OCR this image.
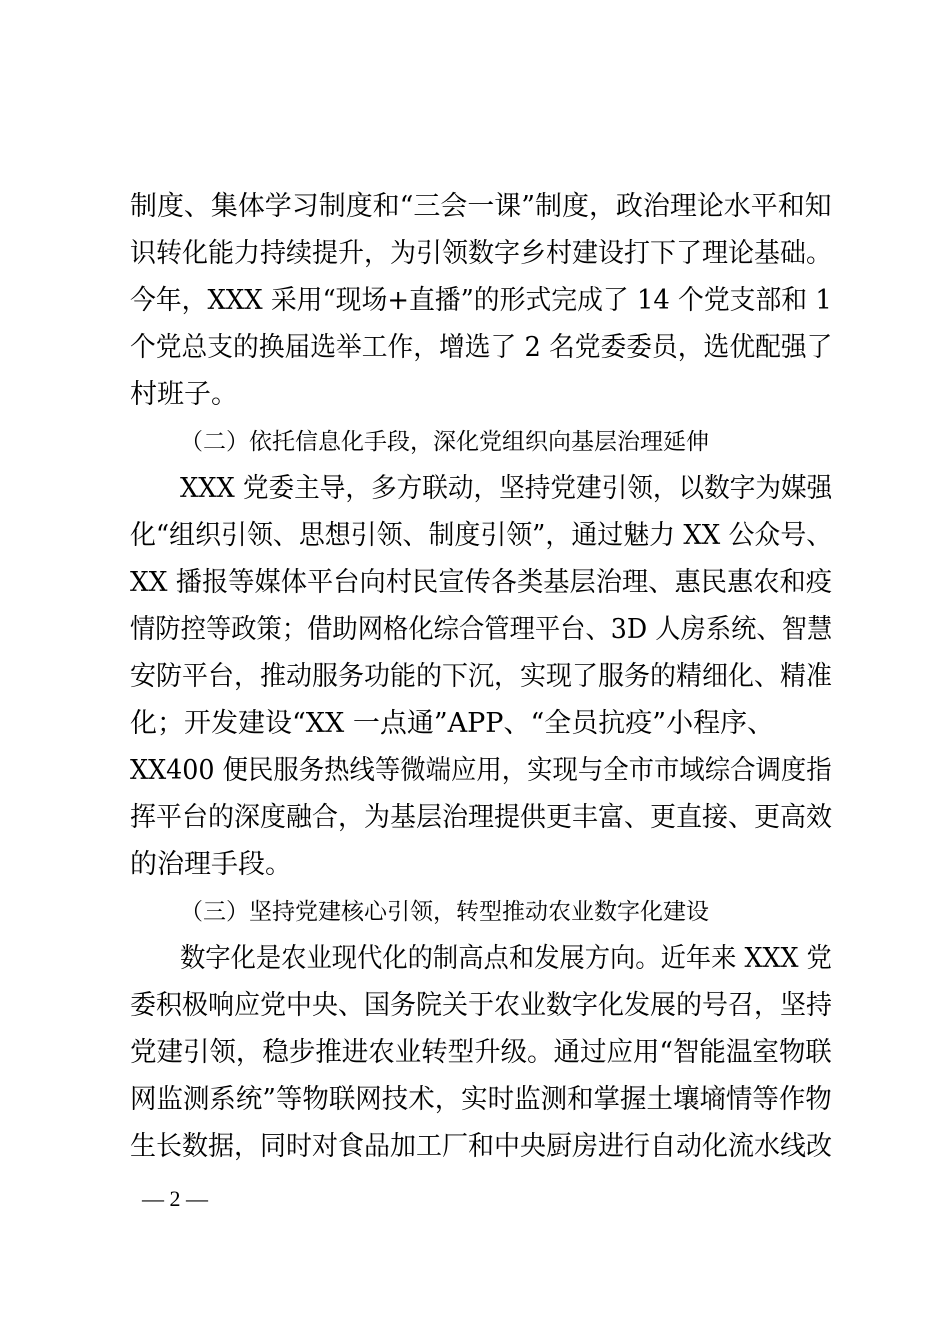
制度、集体学习制度和“三会一课”制度，政治理论水平和知
识转化能力持续提升，为引领数字乡村建设打下了理论基础。
今年，XXX 采用“现场+直播”的形式完成了 14 个党支部和 1
个党总支的换届选举工作，增选了 2 名党委委员，选优配强了
村班子。
（二）依托信息化手段，深化党组织向基层治理延伸
XXX 党委主导，多方联动，坚持党建引领，以数字为媒强
化“组织引领、思想引领、制度引领”，通过魅力 XX 公众号、
XX 播报等媒体平台向村民宣传各类基层治理、惠民惠农和疫
情防控等政策；借助网格化综合管理平台、3D 人房系统、智慧
安防平台，推动服务功能的下沉，实现了服务的精细化、精准
化；开发建设“XX 一点通”APP、“全员抗疫”小程序、
XX400 便民服务热线等微端应用，实现与全市市域综合调度指
挥平台的深度融合，为基层治理提供更丰富、更直接、更高效
的治理手段。
（三）坚持党建核心引领，转型推动农业数字化建设
数字化是农业现代化的制高点和发展方向。近年来 XXX 党
委积极响应党中央、国务院关于农业数字化发展的号召，坚持
党建引领，稳步推进农业转型升级。通过应用“智能温室物联
网监测系统”等物联网技术，实时监测和掌握土壤墒情等作物
生长数据，同时对食品加工厂和中央厨房进行自动化流水线改
— 2 —
